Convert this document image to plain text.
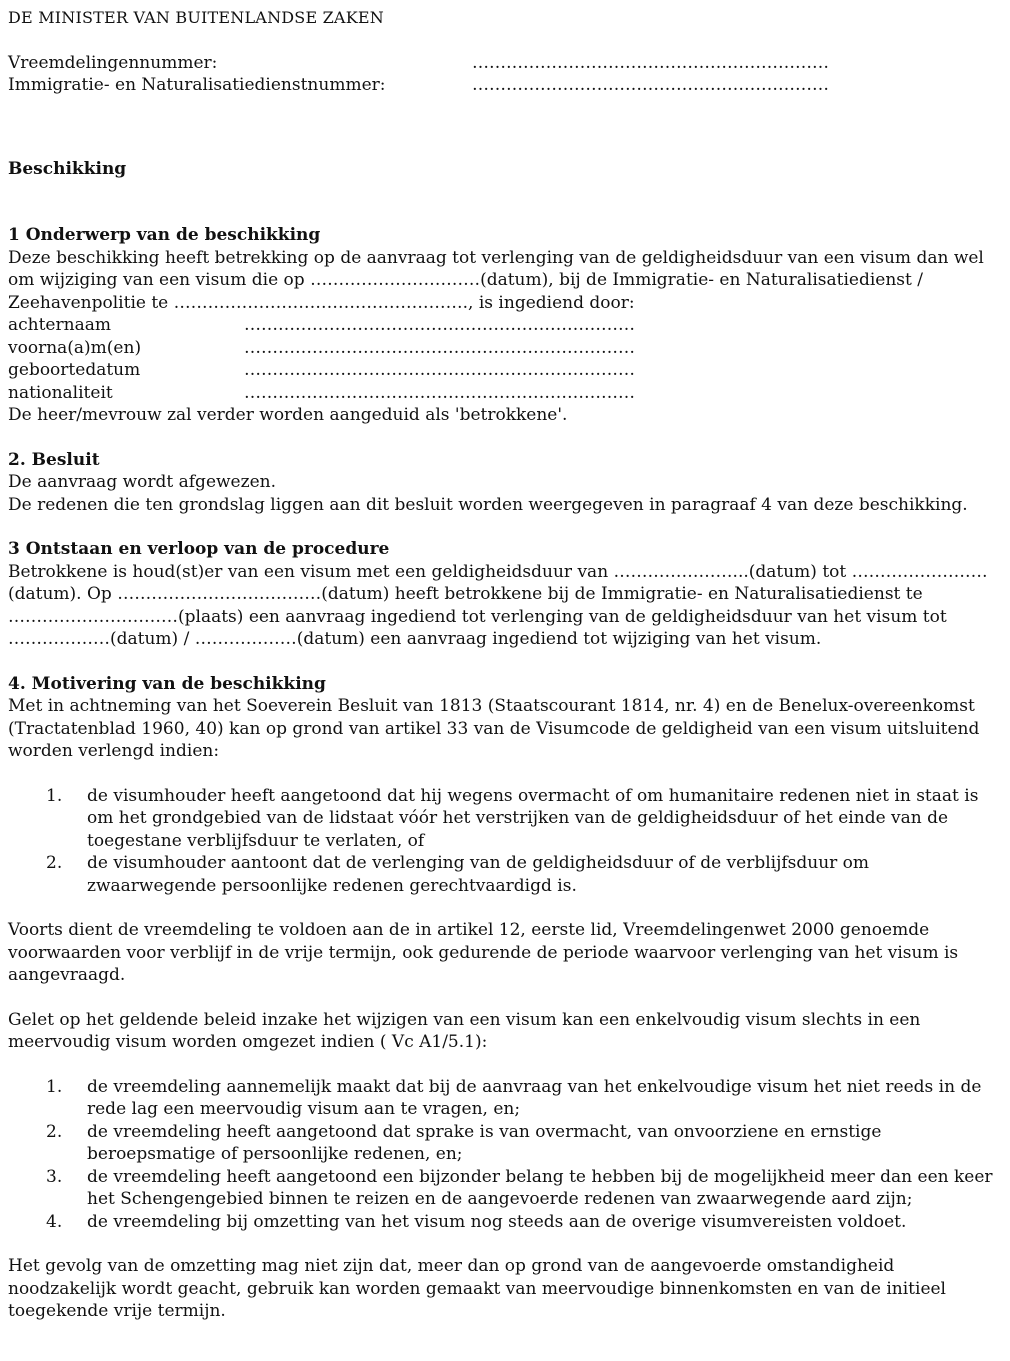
DE MINISTER VAN BUITENLANDSE ZAKEN
Vreemdelingennummer:	………………………………………………………
Immigratie- en Naturalisatiedienstnummer:	………………………………………………………
Beschikking
1 Onderwerp van de beschikking

Deze beschikking heeft betrekking op de aanvraag tot verlenging van de geldigheidsduur van een visum dan wel om wijziging van een visum die op …………………………(datum), bij de Immigratie- en Naturalisatiedienst / Zeehavenpolitie te ……………………………………………., is ingediend door:

achternaam	……………………………………………………………
voorna(a)m(en)	……………………………………………………………
geboortedatum	……………………………………………………………
nationaliteit	……………………………………………………………

De heer/mevrouw zal verder worden aangeduid als 'betrokkene'.

2. Besluit

De aanvraag wordt afgewezen.

De redenen die ten grondslag liggen aan dit besluit worden weergegeven in paragraaf 4 van deze beschikking.

3 Ontstaan en verloop van de procedure

Betrokkene is houd(st)er van een visum met een geldigheidsduur van …………………...(datum) tot ……………………(datum). Op ………………………………(datum) heeft betrokkene bij de Immigratie- en Naturalisatiedienst te …………………………(plaats) een aanvraag ingediend tot verlenging van de geldigheidsduur van het visum tot ………………(datum) / ………………(datum) een aanvraag ingediend tot wijziging van het visum.

4. Motivering van de beschikking

Met in achtneming van het Soeverein Besluit van 1813 (Staatscourant 1814, nr. 4) en de Benelux-overeenkomst (Tractatenblad 1960, 40) kan op grond van artikel 33 van de Visumcode de geldigheid van een visum uitsluitend worden verlengd indien:

1.	de visumhouder heeft aangetoond dat hij wegens overmacht of om humanitaire redenen niet in staat is om het grondgebied van de lidstaat vóór het verstrijken van de geldigheidsduur of het einde van de toegestane verblijfsduur te verlaten, of
2.	de visumhouder aantoont dat de verlenging van de geldigheidsduur of de verblijfsduur om zwaarwegende persoonlijke redenen gerechtvaardigd is.

Voorts dient de vreemdeling te voldoen aan de in artikel 12, eerste lid, Vreemdelingenwet 2000 genoemde voorwaarden voor verblijf in de vrije termijn, ook gedurende de periode waarvoor verlenging van het visum is aangevraagd.

Gelet op het geldende beleid inzake het wijzigen van een visum kan een enkelvoudig visum slechts in een meervoudig visum worden omgezet indien ( Vc A1/5.1):

1.	de vreemdeling aannemelijk maakt dat bij de aanvraag van het enkelvoudige visum het niet reeds in de rede lag een meervoudig visum aan te vragen, en;
2.	de vreemdeling heeft aangetoond dat sprake is van overmacht, van onvoorziene en ernstige beroepsmatige of persoonlijke redenen, en;
3.	de vreemdeling heeft aangetoond een bijzonder belang te hebben bij de mogelijkheid meer dan een keer het Schengengebied binnen te reizen en de aangevoerde redenen van zwaarwegende aard zijn;
4.	de vreemdeling bij omzetting van het visum nog steeds aan de overige visumvereisten voldoet.

Het gevolg van de omzetting mag niet zijn dat, meer dan op grond van de aangevoerde omstandigheid noodzakelijk wordt geacht, gebruik kan worden gemaakt van meervoudige binnenkomsten en van de initieel toegekende vrije termijn.
